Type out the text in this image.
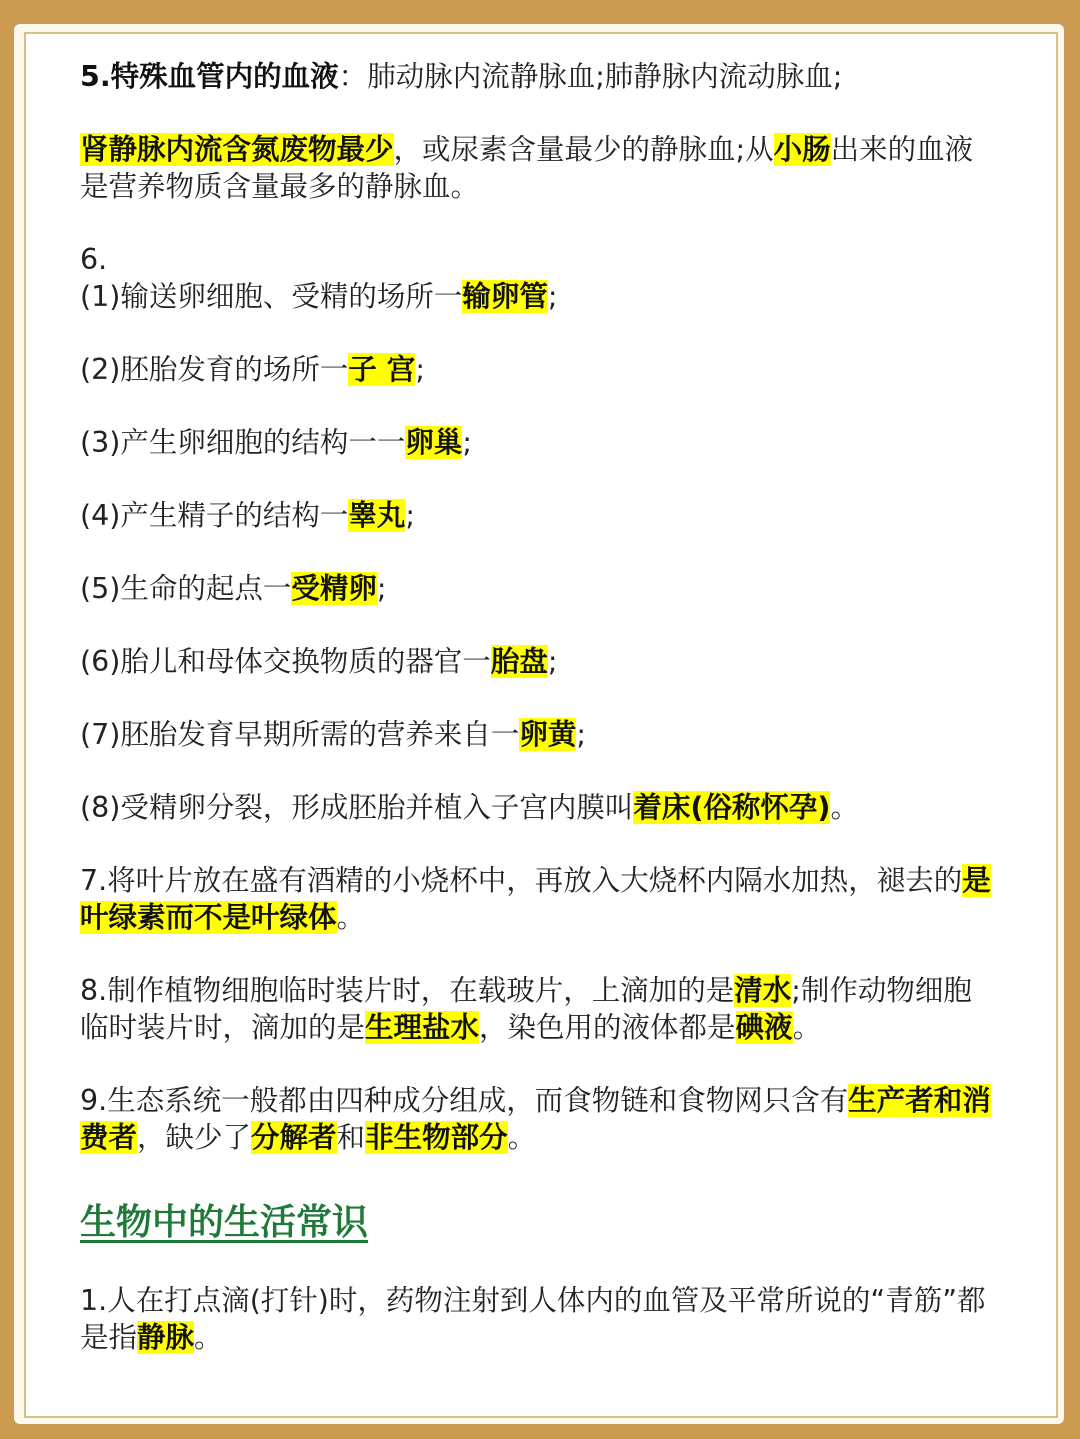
5.特殊血管内的血液：肺动脉内流静脉血;肺静脉内流动脉血;

肾静脉内流含氮废物最少，或尿素含量最少的静脉血;从小肠出来的血液是营养物质含量最多的静脉血。

6.

(1)输送卵细胞、受精的场所一输卵管;

(2)胚胎发育的场所一子 宫;

(3)产生卵细胞的结构一一卵巢;

(4)产生精子的结构一睾丸;

(5)生命的起点一受精卵;

(6)胎儿和母体交换物质的器官一胎盘;

(7)胚胎发育早期所需的营养来自一卵黄;

(8)受精卵分裂，形成胚胎并植入子宫内膜叫着床(俗称怀孕)。

7.将叶片放在盛有酒精的小烧杯中，再放入大烧杯内隔水加热，褪去的是叶绿素而不是叶绿体。

8.制作植物细胞临时装片时，在载玻片，上滴加的是清水;制作动物细胞临时装片时，滴加的是生理盐水，染色用的液体都是碘液。

9.生态系统一般都由四种成分组成，而食物链和食物网只含有生产者和消费者，缺少了分解者和非生物部分。

生物中的生活常识

1.人在打点滴(打针)时，药物注射到人体内的血管及平常所说的“青筋”都是指静脉。
